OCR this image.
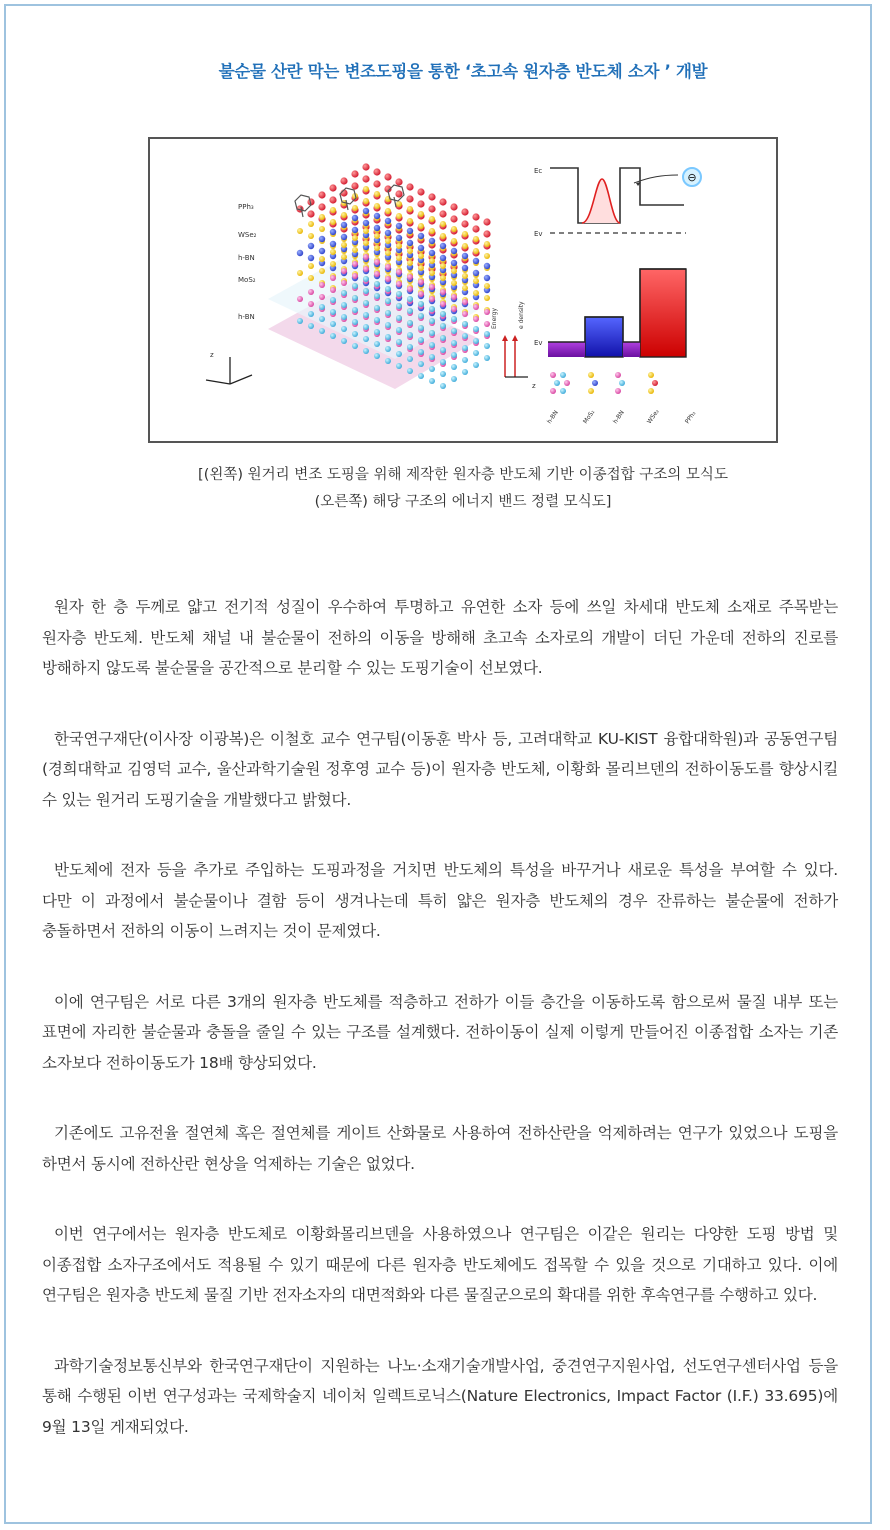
불순물 산란 막는 변조도핑을 통한 ‘초고속 원자층 반도체 소자 ’ 개발
z
PPh₃
WSe₂
h-BN
MoS₂
h-BN
Ec	⊖
Ev
Ev
Energy	e density
z
h-BN	MoS₂	h-BN	WSe₂	PPh₃
[(왼쪽) 원거리 변조 도핑을 위해 제작한 원자층 반도체 기반 이종접합 구조의 모식도
(오른쪽) 해당 구조의 에너지 밴드 정렬 모식도]

원자 한 층 두께로 얇고 전기적 성질이 우수하여 투명하고 유연한 소자 등에 쓰일 차세대 반도체 소재로 주목받는 원자층 반도체. 반도체 채널 내 불순물이 전하의 이동을 방해해 초고속 소자로의 개발이 더딘 가운데 전하의 진로를 방해하지 않도록 불순물을 공간적으로 분리할 수 있는 도핑기술이 선보였다.

한국연구재단(이사장 이광복)은 이철호 교수 연구팀(이동훈 박사 등, 고려대학교 KU-KIST 융합대학원)과 공동연구팀(경희대학교 김영덕 교수, 울산과학기술원 정후영 교수 등)이 원자층 반도체, 이황화 몰리브덴의 전하이동도를 향상시킬 수 있는 원거리 도핑기술을 개발했다고 밝혔다.

반도체에 전자 등을 추가로 주입하는 도핑과정을 거치면 반도체의 특성을 바꾸거나 새로운 특성을 부여할 수 있다. 다만 이 과정에서 불순물이나 결함 등이 생겨나는데 특히 얇은 원자층 반도체의 경우 잔류하는 불순물에 전하가 충돌하면서 전하의 이동이 느려지는 것이 문제였다.

이에 연구팀은 서로 다른 3개의 원자층 반도체를 적층하고 전하가 이들 층간을 이동하도록 함으로써 물질 내부 또는 표면에 자리한 불순물과 충돌을 줄일 수 있는 구조를 설계했다. 전하이동이 실제 이렇게 만들어진 이종접합 소자는 기존 소자보다 전하이동도가 18배 향상되었다.

기존에도 고유전율 절연체 혹은 절연체를 게이트 산화물로 사용하여 전하산란을 억제하려는 연구가 있었으나 도핑을 하면서 동시에 전하산란 현상을 억제하는 기술은 없었다.

이번 연구에서는 원자층 반도체로 이황화몰리브덴을 사용하였으나 연구팀은 이같은 원리는 다양한 도핑 방법 및 이종접합 소자구조에서도 적용될 수 있기 때문에 다른 원자층 반도체에도 접목할 수 있을 것으로 기대하고 있다. 이에 연구팀은 원자층 반도체 물질 기반 전자소자의 대면적화와 다른 물질군으로의 확대를 위한 후속연구를 수행하고 있다.

과학기술정보통신부와 한국연구재단이 지원하는 나노·소재기술개발사업, 중견연구지원사업, 선도연구센터사업 등을 통해 수행된 이번 연구성과는 국제학술지 네이처 일렉트로닉스(Nature Electronics, Impact Factor (I.F.) 33.695)에 9월 13일 게재되었다.
